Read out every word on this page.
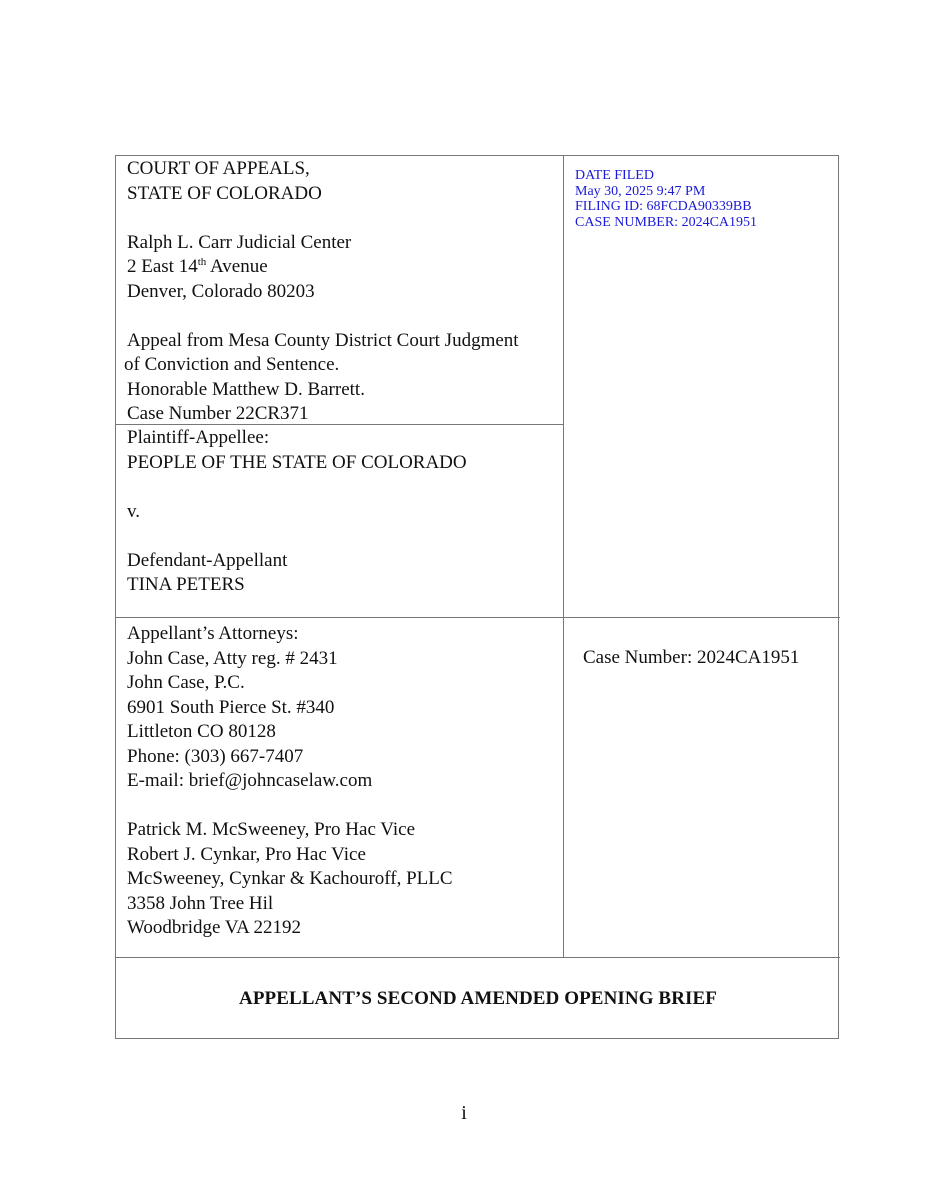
COURT OF APPEALS,
STATE OF COLORADO
Ralph L. Carr Judicial Center
2 East 14th Avenue
Denver, Colorado 80203
Appeal from Mesa County District Court Judgment
of Conviction and Sentence.
Honorable Matthew D. Barrett.
Case Number 22CR371
Plaintiff-Appellee:
PEOPLE OF THE STATE OF COLORADO
v.
Defendant-Appellant
TINA PETERS
DATE FILED
May 30, 2025 9:47 PM
FILING ID: 68FCDA90339BB
CASE NUMBER: 2024CA1951
Appellant’s Attorneys:
John Case, Atty reg. # 2431
John Case, P.C.
6901 South Pierce St. #340
Littleton CO 80128
Phone: (303) 667-7407
E-mail: brief@johncaselaw.com
Patrick M. McSweeney, Pro Hac Vice
Robert J. Cynkar, Pro Hac Vice
McSweeney, Cynkar & Kachouroff, PLLC
3358 John Tree Hil
Woodbridge VA 22192
Case Number: 2024CA1951
APPELLANT’S SECOND AMENDED OPENING BRIEF
i
